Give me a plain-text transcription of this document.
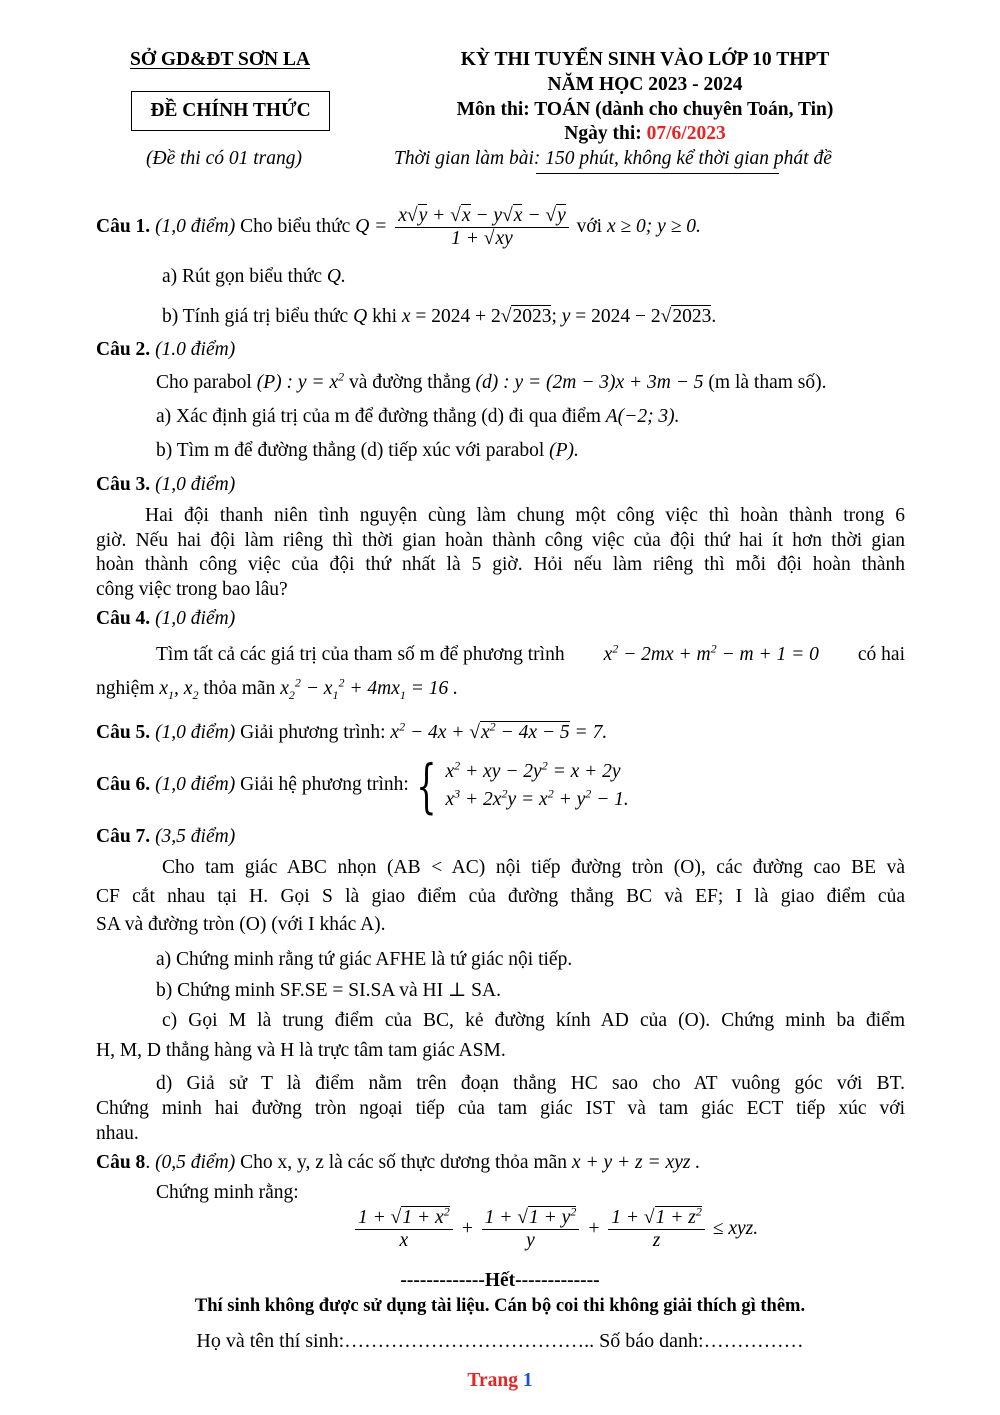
SỞ GD&ĐT SƠN LA
ĐỀ CHÍNH THỨC
(Đề thi có 01 trang)
KỲ THI TUYỂN SINH VÀO LỚP 10 THPT
NĂM HỌC 2023 - 2024
Môn thi: TOÁN (dành cho chuyên Toán, Tin)
Ngày thi: 07/6/2023
Thời gian làm bài: 150 phút, không kể thời gian phát đề
Câu 1. (1,0 điểm) Cho biểu thức $Q = \frac{x√y + √x - y√x - √y}{1 + √xy}$ với x ≥ 0; y ≥ 0.
a) Rút gọn biểu thức Q.
b) Tính giá trị biểu thức Q khi x = 2024 + 2√2023; y = 2024 − 2√2023.
Câu 2. (1.0 điểm)
Cho parabol (P) : $y = x^2$ và đường thẳng (d) : y = (2m − 3)x + 3m − 5 (m là tham số).
a) Xác định giá trị của m để đường thẳng (d) đi qua điểm A(−2; 3).
b) Tìm m để đường thẳng (d) tiếp xúc với parabol (P).
Câu 3. (1,0 điểm)
Hai đội thanh niên tình nguyện cùng làm chung một công việc thì hoàn thành trong 6
giờ. Nếu hai đội làm riêng thì thời gian hoàn thành công việc của đội thứ hai ít hơn thời gian
hoàn thành công việc của đội thứ nhất là 5 giờ. Hỏi nếu làm riêng thì mỗi đội hoàn thành
công việc trong bao lâu?
Câu 4. (1,0 điểm)
Tìm tất cả các giá trị của tham số m để phương trình $x^2 - 2mx + m^2 - m + 1 = 0$ có hai
nghiệm $x_1$, $x_2$ thỏa mãn $x_2^2 - x_1^2 + 4mx_1 = 16$ .
Câu 5. (1,0 điểm) Giải phương trình: $x^2 - 4x + √x^2 - 4x - 5 = 7$.
Câu 6. (1,0 điểm) Giải hệ phương trình: { $x^2$ + xy − $2y^2 = x + 2y$
$x^3 + 2x^2y = x^2 + y^2 - 1$.
Câu 7. (3,5 điểm)
Cho tam giác ABC nhọn (AB < AC) nội tiếp đường tròn (O), các đường cao BE và
CF cắt nhau tại H. Gọi S là giao điểm của đường thẳng BC và EF; I là giao điểm của
SA và đường tròn (O) (với I khác A).
a) Chứng minh rằng tứ giác AFHE là tứ giác nội tiếp.
b) Chứng minh SF.SE = SI.SA và HI ⊥ SA.
c) Gọi M là trung điểm của BC, kẻ đường kính AD của (O). Chứng minh ba điểm
H, M, D thẳng hàng và H là trực tâm tam giác ASM.
d) Giả sử T là điểm nằm trên đoạn thẳng HC sao cho AT vuông góc với BT.
Chứng minh hai đường tròn ngoại tiếp của tam giác IST và tam giác ECT tiếp xúc với
nhau.
Câu 8. (0,5 điểm) Cho x, y, z là các số thực dương thỏa mãn x + y + z = xyz .
Chứng minh rằng:
$\frac{1 + √1 + x^2}{x} + \frac{1 + √1 + y^2}{y} + \frac{1 + √1 + z^2}{z}$ ≤ xyz.
-------------Hết-------------
Thí sinh không được sử dụng tài liệu. Cán bộ coi thi không giải thích gì thêm.
Họ và tên thí sinh:……………………………….. Số báo danh:……………
Trang 1
